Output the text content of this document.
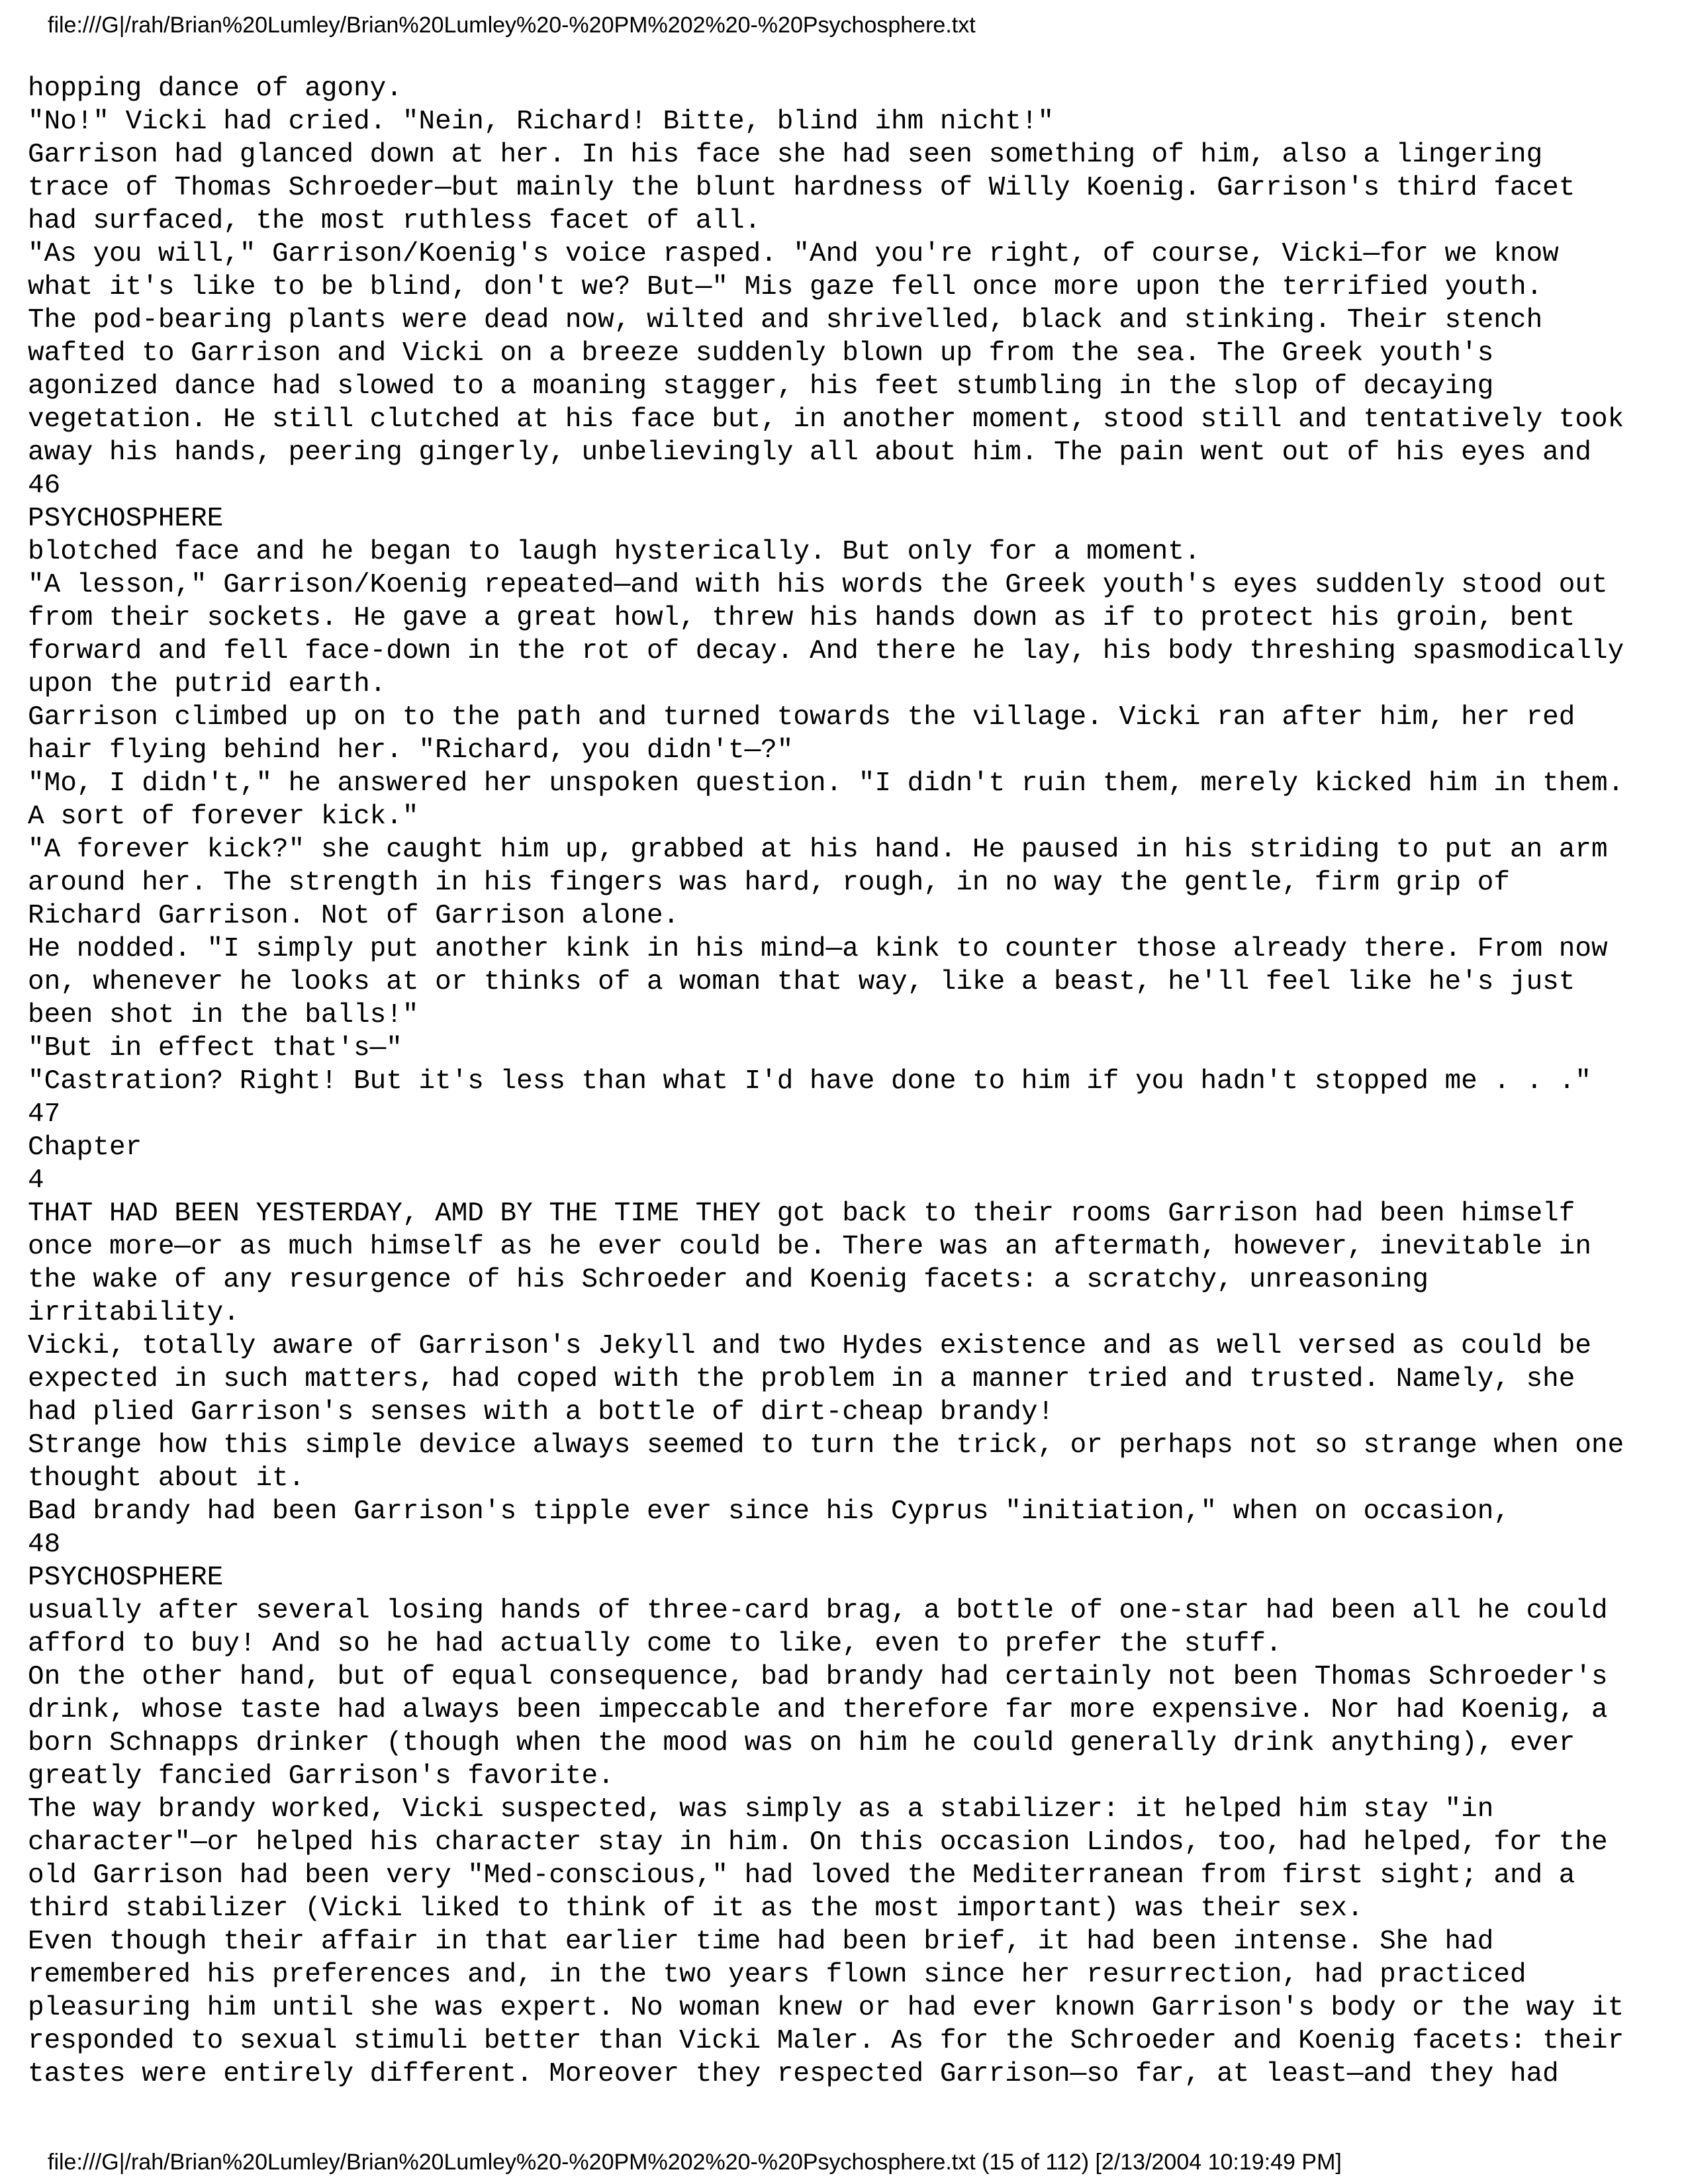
file:///G|/rah/Brian%20Lumley/Brian%20Lumley%20-%20PM%202%20-%20Psychosphere.txt
hopping dance of agony.
"No!" Vicki had cried. "Nein, Richard! Bitte, blind ihm nicht!"
Garrison had glanced down at her. In his face she had seen something of him, also a lingering
trace of Thomas Schroeder—but mainly the blunt hardness of Willy Koenig. Garrison's third facet
had surfaced, the most ruthless facet of all.
"As you will," Garrison/Koenig's voice rasped. "And you're right, of course, Vicki—for we know
what it's like to be blind, don't we? But—" Mis gaze fell once more upon the terrified youth.
The pod-bearing plants were dead now, wilted and shrivelled, black and stinking. Their stench
wafted to Garrison and Vicki on a breeze suddenly blown up from the sea. The Greek youth's
agonized dance had slowed to a moaning stagger, his feet stumbling in the slop of decaying
vegetation. He still clutched at his face but, in another moment, stood still and tentatively took
away his hands, peering gingerly, unbelievingly all about him. The pain went out of his eyes and
46
PSYCHOSPHERE
blotched face and he began to laugh hysterically. But only for a moment.
"A lesson," Garrison/Koenig repeated—and with his words the Greek youth's eyes suddenly stood out
from their sockets. He gave a great howl, threw his hands down as if to protect his groin, bent
forward and fell face-down in the rot of decay. And there he lay, his body threshing spasmodically
upon the putrid earth.
Garrison climbed up on to the path and turned towards the village. Vicki ran after him, her red
hair flying behind her. "Richard, you didn't—?"
"Mo, I didn't," he answered her unspoken question. "I didn't ruin them, merely kicked him in them.
A sort of forever kick."
"A forever kick?" she caught him up, grabbed at his hand. He paused in his striding to put an arm
around her. The strength in his fingers was hard, rough, in no way the gentle, firm grip of
Richard Garrison. Not of Garrison alone.
He nodded. "I simply put another kink in his mind—a kink to counter those already there. From now
on, whenever he looks at or thinks of a woman that way, like a beast, he'll feel like he's just
been shot in the balls!"
"But in effect that's—"
"Castration? Right! But it's less than what I'd have done to him if you hadn't stopped me . . ."
47
Chapter
4
THAT HAD BEEN YESTERDAY, AMD BY THE TIME THEY got back to their rooms Garrison had been himself
once more—or as much himself as he ever could be. There was an aftermath, however, inevitable in
the wake of any resurgence of his Schroeder and Koenig facets: a scratchy, unreasoning
irritability.
Vicki, totally aware of Garrison's Jekyll and two Hydes existence and as well versed as could be
expected in such matters, had coped with the problem in a manner tried and trusted. Namely, she
had plied Garrison's senses with a bottle of dirt-cheap brandy!
Strange how this simple device always seemed to turn the trick, or perhaps not so strange when one
thought about it.
Bad brandy had been Garrison's tipple ever since his Cyprus "initiation," when on occasion,
48
PSYCHOSPHERE
usually after several losing hands of three-card brag, a bottle of one-star had been all he could
afford to buy! And so he had actually come to like, even to prefer the stuff.
On the other hand, but of equal consequence, bad brandy had certainly not been Thomas Schroeder's
drink, whose taste had always been impeccable and therefore far more expensive. Nor had Koenig, a
born Schnapps drinker (though when the mood was on him he could generally drink anything), ever
greatly fancied Garrison's favorite.
The way brandy worked, Vicki suspected, was simply as a stabilizer: it helped him stay "in
character"—or helped his character stay in him. On this occasion Lindos, too, had helped, for the
old Garrison had been very "Med-conscious," had loved the Mediterranean from first sight; and a
third stabilizer (Vicki liked to think of it as the most important) was their sex.
Even though their affair in that earlier time had been brief, it had been intense. She had
remembered his preferences and, in the two years flown since her resurrection, had practiced
pleasuring him until she was expert. No woman knew or had ever known Garrison's body or the way it
responded to sexual stimuli better than Vicki Maler. As for the Schroeder and Koenig facets: their
tastes were entirely different. Moreover they respected Garrison—so far, at least—and they had
file:///G|/rah/Brian%20Lumley/Brian%20Lumley%20-%20PM%202%20-%20Psychosphere.txt (15 of 112) [2/13/2004 10:19:49 PM]
